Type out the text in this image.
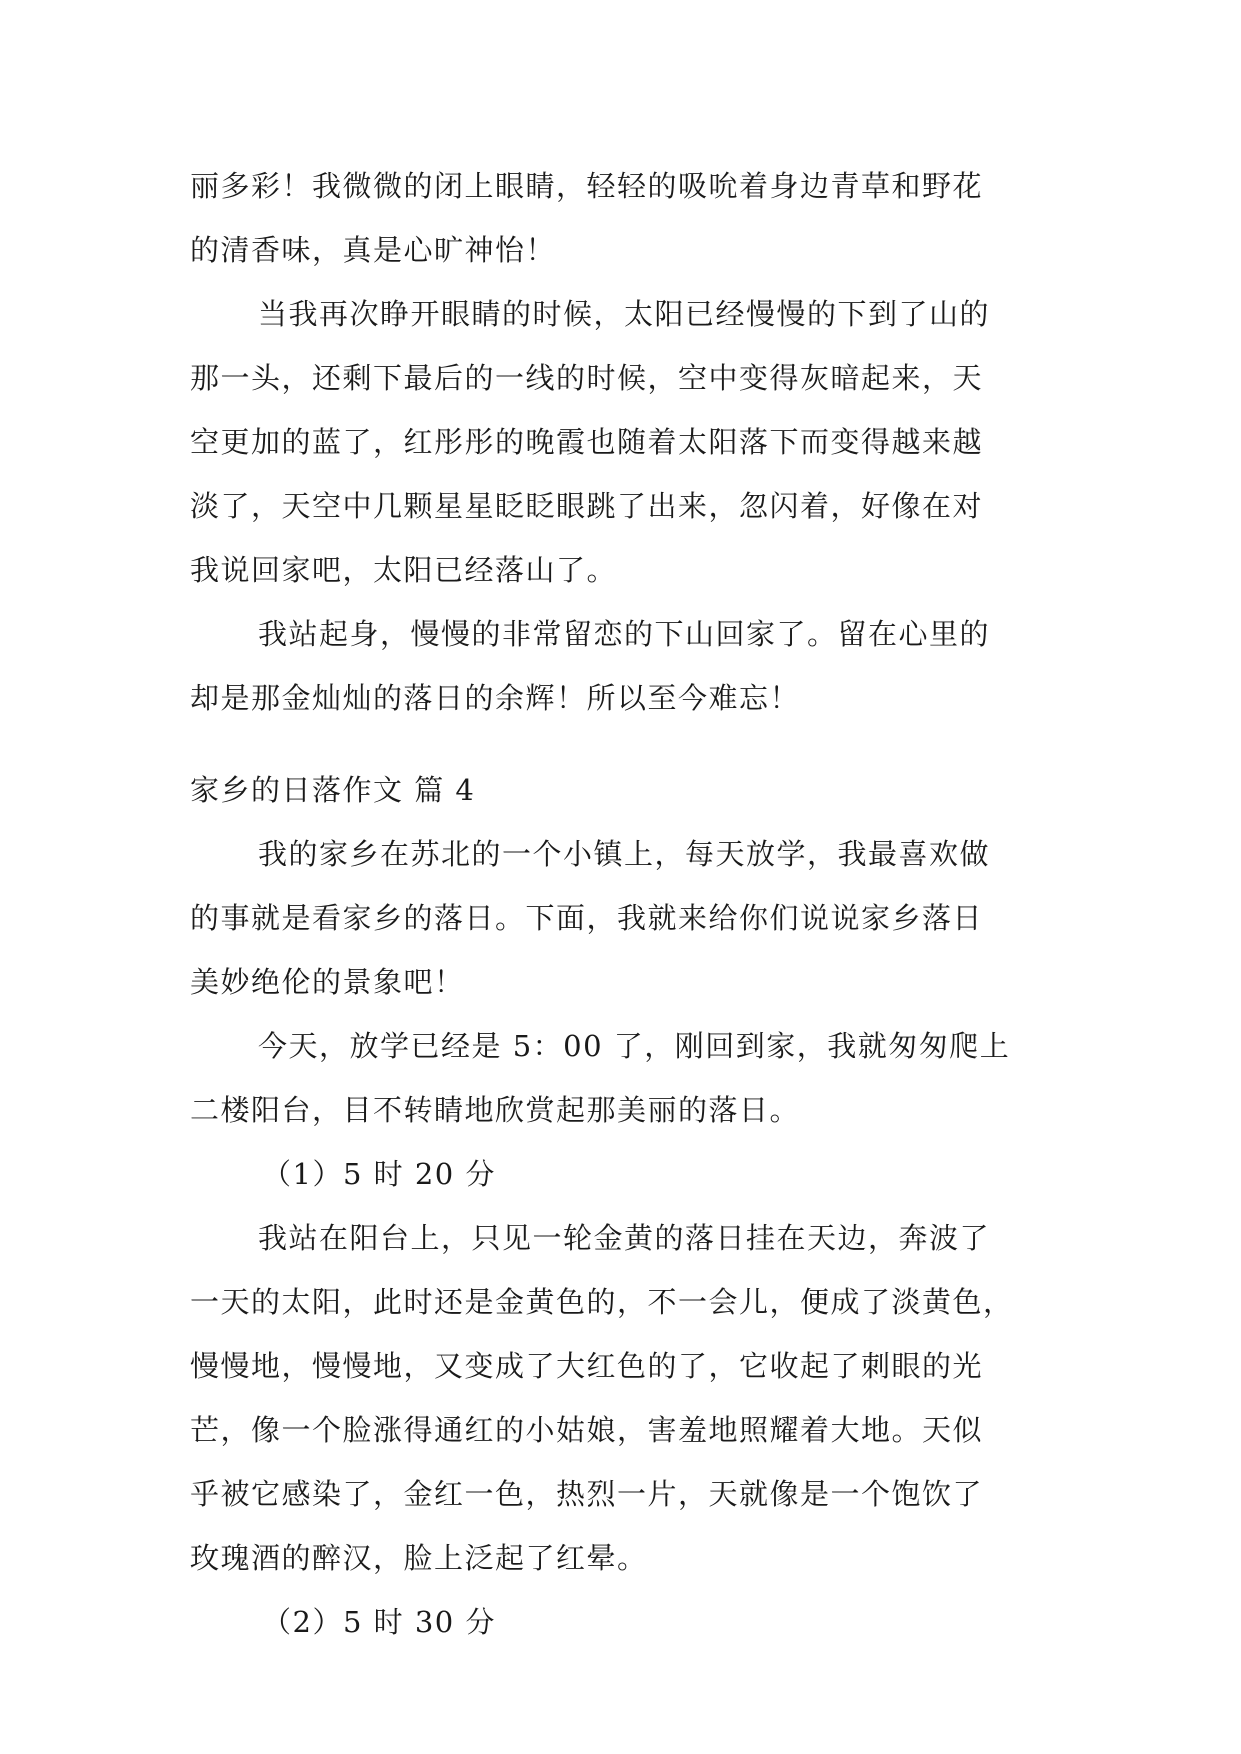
丽多彩！我微微的闭上眼睛，轻轻的吸吮着身边青草和野花
的清香味，真是心旷神怡！
当我再次睁开眼睛的时候，太阳已经慢慢的下到了山的
那一头，还剩下最后的一线的时候，空中变得灰暗起来，天
空更加的蓝了，红彤彤的晚霞也随着太阳落下而变得越来越
淡了，天空中几颗星星眨眨眼跳了出来，忽闪着，好像在对
我说回家吧，太阳已经落山了。
我站起身，慢慢的非常留恋的下山回家了。留在心里的
却是那金灿灿的落日的余辉！所以至今难忘！
家乡的日落作文 篇 4
我的家乡在苏北的一个小镇上，每天放学，我最喜欢做
的事就是看家乡的落日。下面，我就来给你们说说家乡落日
美妙绝伦的景象吧！
今天，放学已经是 5：00 了，刚回到家，我就匆匆爬上
二楼阳台，目不转睛地欣赏起那美丽的落日。
（1）5 时 20 分
我站在阳台上，只见一轮金黄的落日挂在天边，奔波了
一天的太阳，此时还是金黄色的，不一会儿，便成了淡黄色，
慢慢地，慢慢地，又变成了大红色的了，它收起了刺眼的光
芒，像一个脸涨得通红的小姑娘，害羞地照耀着大地。天似
乎被它感染了，金红一色，热烈一片，天就像是一个饱饮了
玫瑰酒的醉汉，脸上泛起了红晕。
（2）5 时 30 分
